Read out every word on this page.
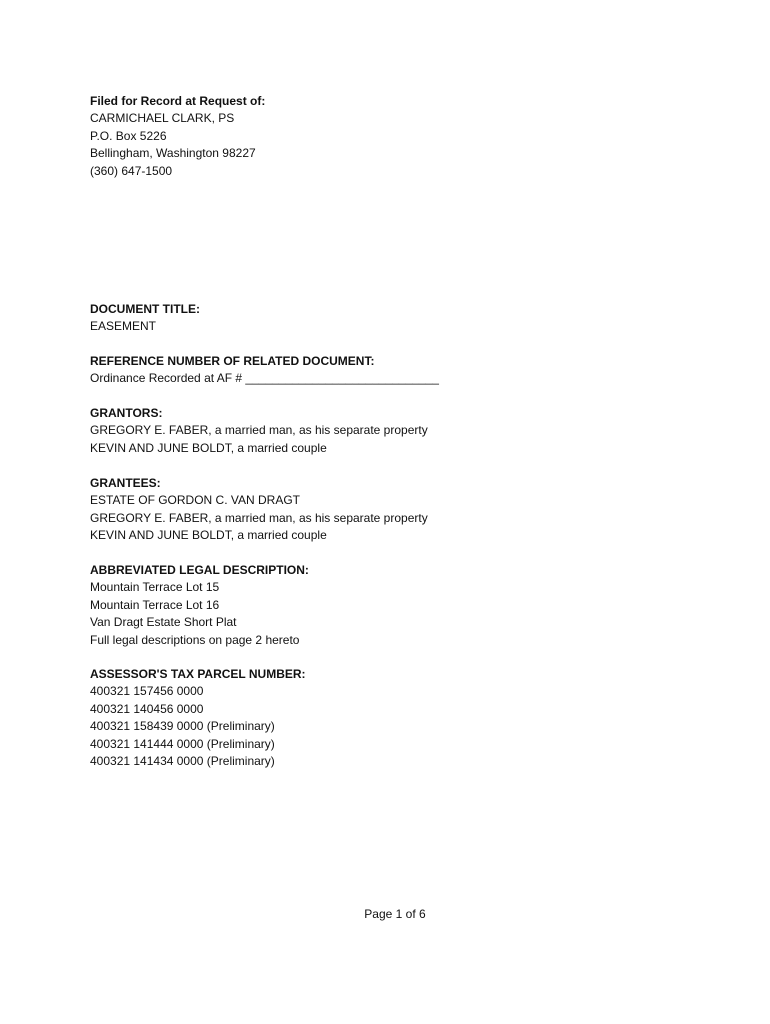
Filed for Record at Request of:
CARMICHAEL CLARK, PS
P.O. Box 5226
Bellingham, Washington 98227
(360) 647-1500
DOCUMENT TITLE:
EASEMENT
REFERENCE NUMBER OF RELATED DOCUMENT:
Ordinance Recorded at AF # _____________________________
GRANTORS:
GREGORY E. FABER, a married man, as his separate property
KEVIN AND JUNE BOLDT, a married couple
GRANTEES:
ESTATE OF GORDON C. VAN DRAGT
GREGORY E. FABER, a married man, as his separate property
KEVIN AND JUNE BOLDT, a married couple
ABBREVIATED LEGAL DESCRIPTION:
Mountain Terrace Lot 15
Mountain Terrace Lot 16
Van Dragt Estate Short Plat
Full legal descriptions on page 2 hereto
ASSESSOR'S TAX PARCEL NUMBER:
400321 157456 0000
400321 140456 0000
400321 158439 0000 (Preliminary)
400321 141444 0000 (Preliminary)
400321 141434 0000 (Preliminary)
Page 1 of 6
